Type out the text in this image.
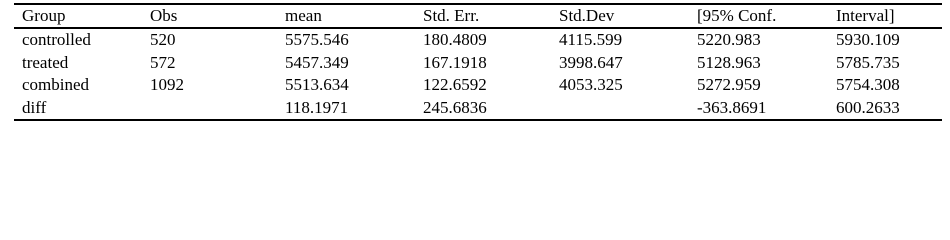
Group	Obs	mean	Std. Err.	Std.Dev	[95% Conf.	Interval]
controlled	520	5575.546	180.4809	4115.599	5220.983	5930.109
treated	572	5457.349	167.1918	3998.647	5128.963	5785.735
combined	1092	5513.634	122.6592	4053.325	5272.959	5754.308
diff		118.1971	245.6836		-363.8691	600.2633
